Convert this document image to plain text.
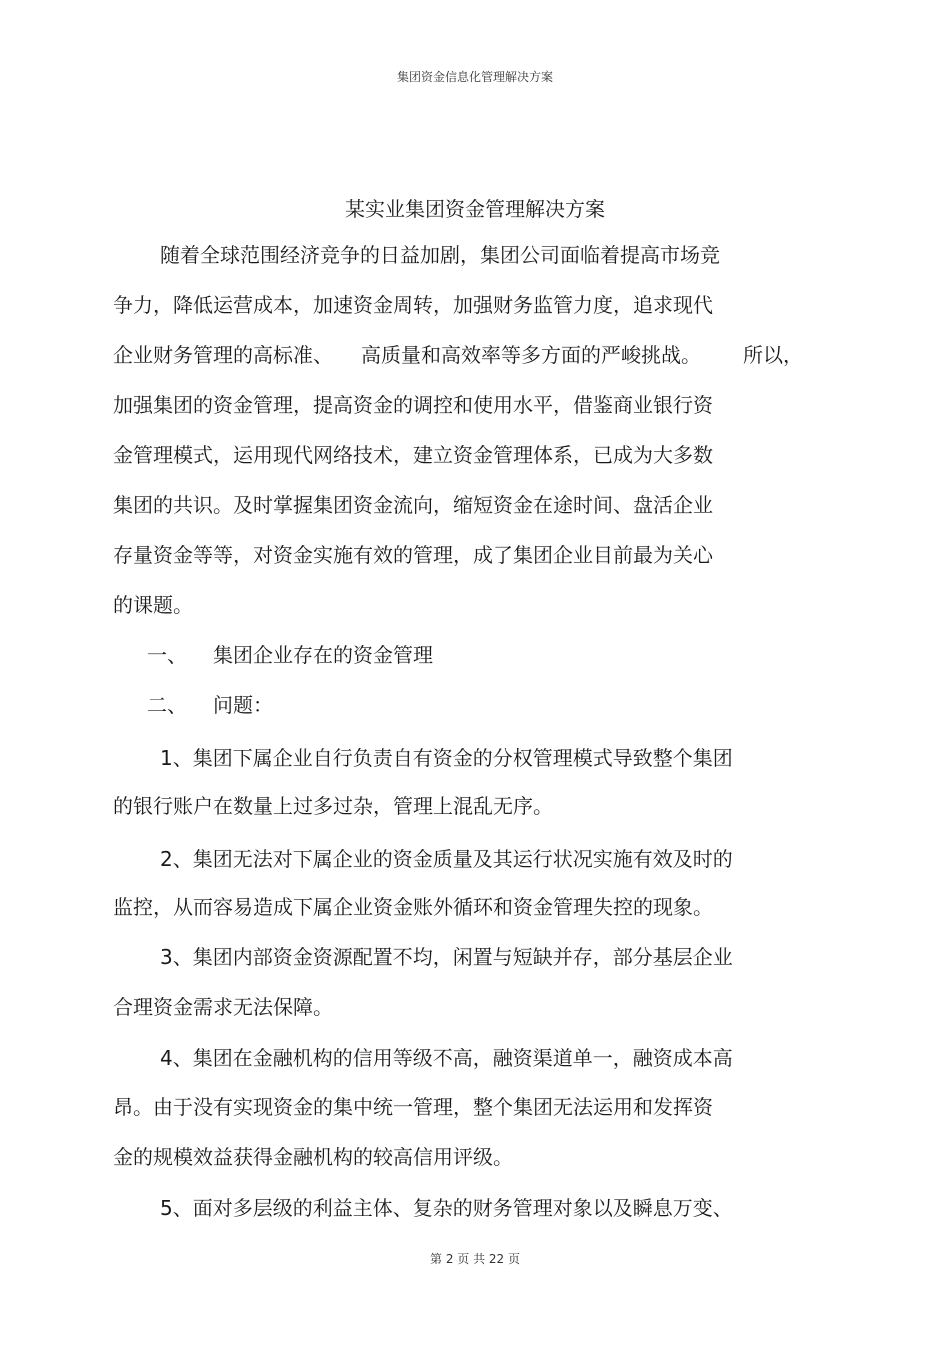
集团资金信息化管理解决方案
某实业集团资金管理解决方案
随着全球范围经济竞争的日益加剧，集团公司面临着提高市场竞
争力，降低运营成本，加速资金周转，加强财务监管力度，追求现代
企业财务管理的高标准、 高质量和高效率等多方面的严峻挑战。 所以，
加强集团的资金管理，提高资金的调控和使用水平，借鉴商业银行资
金管理模式，运用现代网络技术，建立资金管理体系，已成为大多数
集团的共识。及时掌握集团资金流向，缩短资金在途时间、盘活企业
存量资金等等，对资金实施有效的管理，成了集团企业目前最为关心
的课题。
一、 集团企业存在的资金管理
二、 问题：
1、集团下属企业自行负责自有资金的分权管理模式导致整个集团
的银行账户在数量上过多过杂，管理上混乱无序。
2、集团无法对下属企业的资金质量及其运行状况实施有效及时的
监控，从而容易造成下属企业资金账外循环和资金管理失控的现象。
3、集团内部资金资源配置不均，闲置与短缺并存，部分基层企业
合理资金需求无法保障。
4、集团在金融机构的信用等级不高，融资渠道单一，融资成本高
昂。由于没有实现资金的集中统一管理，整个集团无法运用和发挥资
金的规模效益获得金融机构的较高信用评级。
5、面对多层级的利益主体、复杂的财务管理对象以及瞬息万变、
第 2 页 共 22 页
